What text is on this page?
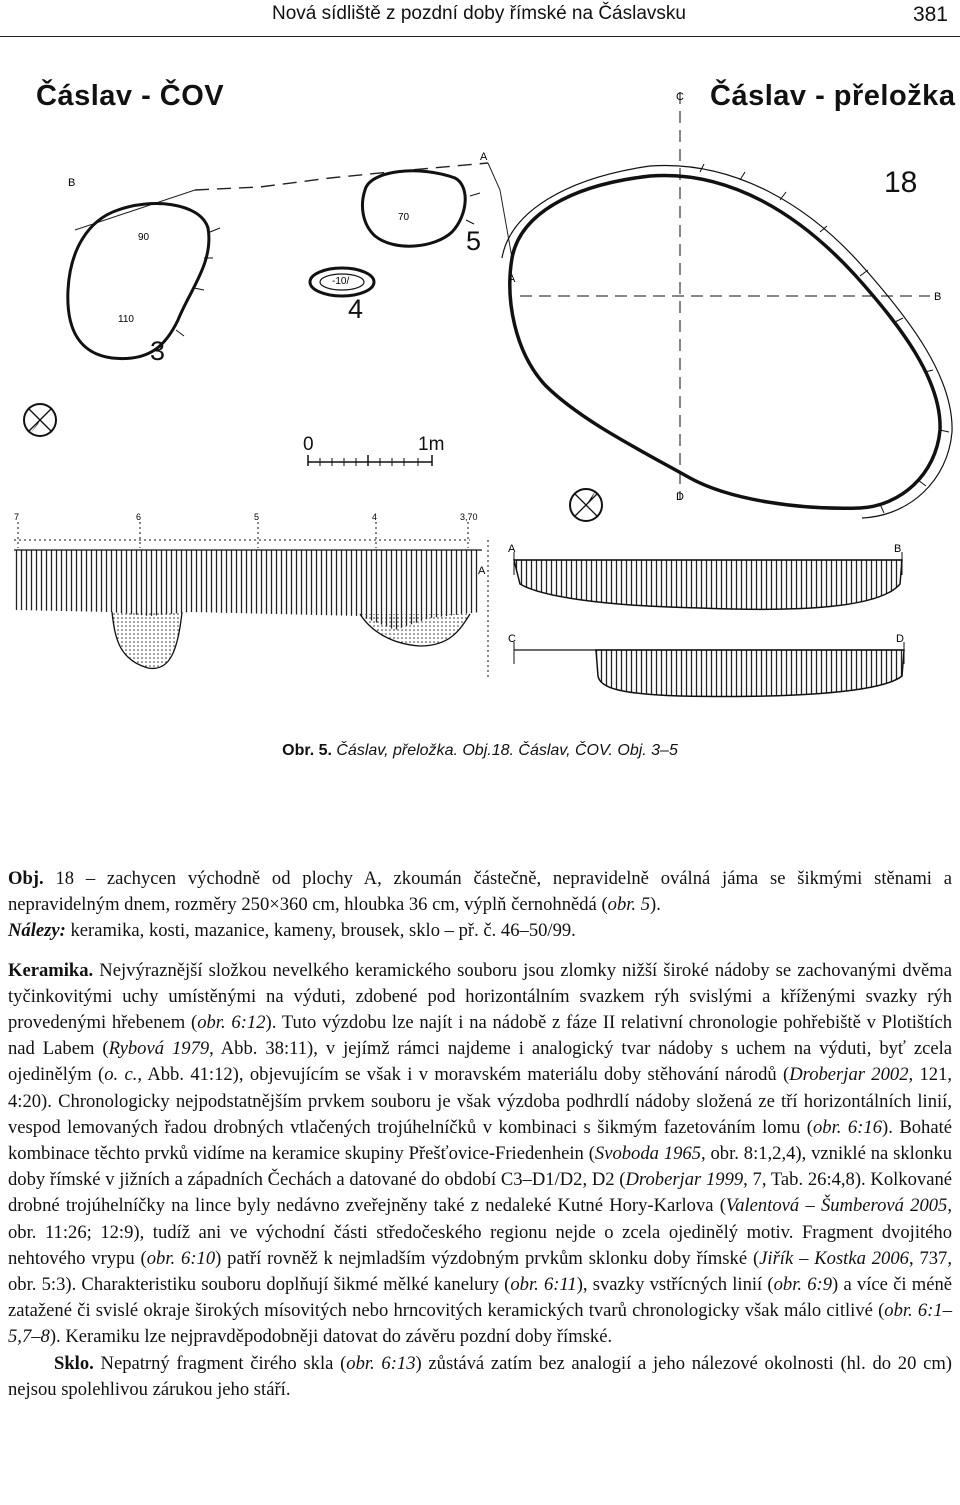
Nová sídliště z pozdní doby římské na Čáslavsku	381
90
110
70
-10/
B
A
7	6	5	4	3,70
A
A
C
D
B
A	B
C	D
Čáslav - ČOV	Čáslav - přeložka
3
4
5
18
0	1m
Obr. 5. Čáslav, přeložka. Obj.18. Čáslav, ČOV. Obj. 3–5

Obj. 18 – zachycen východně od plochy A, zkoumán částečně, nepravidelně oválná jáma se šikmými stěnami a nepravidelným dnem, rozměry 250×360 cm, hloubka 36 cm, výplň černohnědá (obr. 5).
Nálezy: keramika, kosti, mazanice, kameny, brousek, sklo – př. č. 46–50/99.

Keramika. Nejvýraznější složkou nevelkého keramického souboru jsou zlomky nižší široké nádoby se zachovanými dvěma tyčinkovitými uchy umístěnými na výduti, zdobené pod horizontálním svazkem rýh svislými a kříženými svazky rýh provedenými hřebenem (obr. 6:12). Tuto výzdobu lze najít i na nádobě z fáze II relativní chronologie pohřebiště v Plotištích nad Labem (Rybová 1979, Abb. 38:11), v jejímž rámci najdeme i analogický tvar nádoby s uchem na výduti, byť zcela ojedinělým (o. c., Abb. 41:12), objevujícím se však i v moravském materiálu doby stěhování národů (Droberjar 2002, 121, 4:20). Chronologicky nejpodstatnějším prvkem souboru je však výzdoba podhrdlí nádoby složená ze tří horizontálních linií, vespod lemovaných řadou drobných vtlačených trojúhelníčků v kombinaci s šikmým fazetováním lomu (obr. 6:16). Bohaté kombinace těchto prvků vidíme na keramice skupiny Přešťovice-Friedenhein (Svoboda 1965, obr. 8:1,2,4), vzniklé na sklonku doby římské v jižních a západních Čechách a datované do období C3–D1/D2, D2 (Droberjar 1999, 7, Tab. 26:4,8). Kolkované drobné trojúhelníčky na lince byly nedávno zveřejněny také z nedaleké Kutné Hory-Karlova (Valentová – Šumberová 2005, obr. 11:26; 12:9), tudíž ani ve východní části středočeského regionu nejde o zcela ojedinělý motiv. Fragment dvojitého nehtového vrypu (obr. 6:10) patří rovněž k nejmladším výzdobným prvkům sklonku doby římské (Jiřík – Kostka 2006, 737, obr. 5:3). Charakteristiku souboru doplňují šikmé mělké kanelury (obr. 6:11), svazky vstřícných linií (obr. 6:9) a více či méně zatažené či svislé okraje širokých mísovitých nebo hrncovitých keramických tvarů chronologicky však málo citlivé (obr. 6:1–5,7–8). Keramiku lze nejpravděpodobněji datovat do závěru pozdní doby římské.

Sklo. Nepatrný fragment čirého skla (obr. 6:13) zůstává zatím bez analogií a jeho nálezové okolnosti (hl. do 20 cm) nejsou spolehlivou zárukou jeho stáří.
